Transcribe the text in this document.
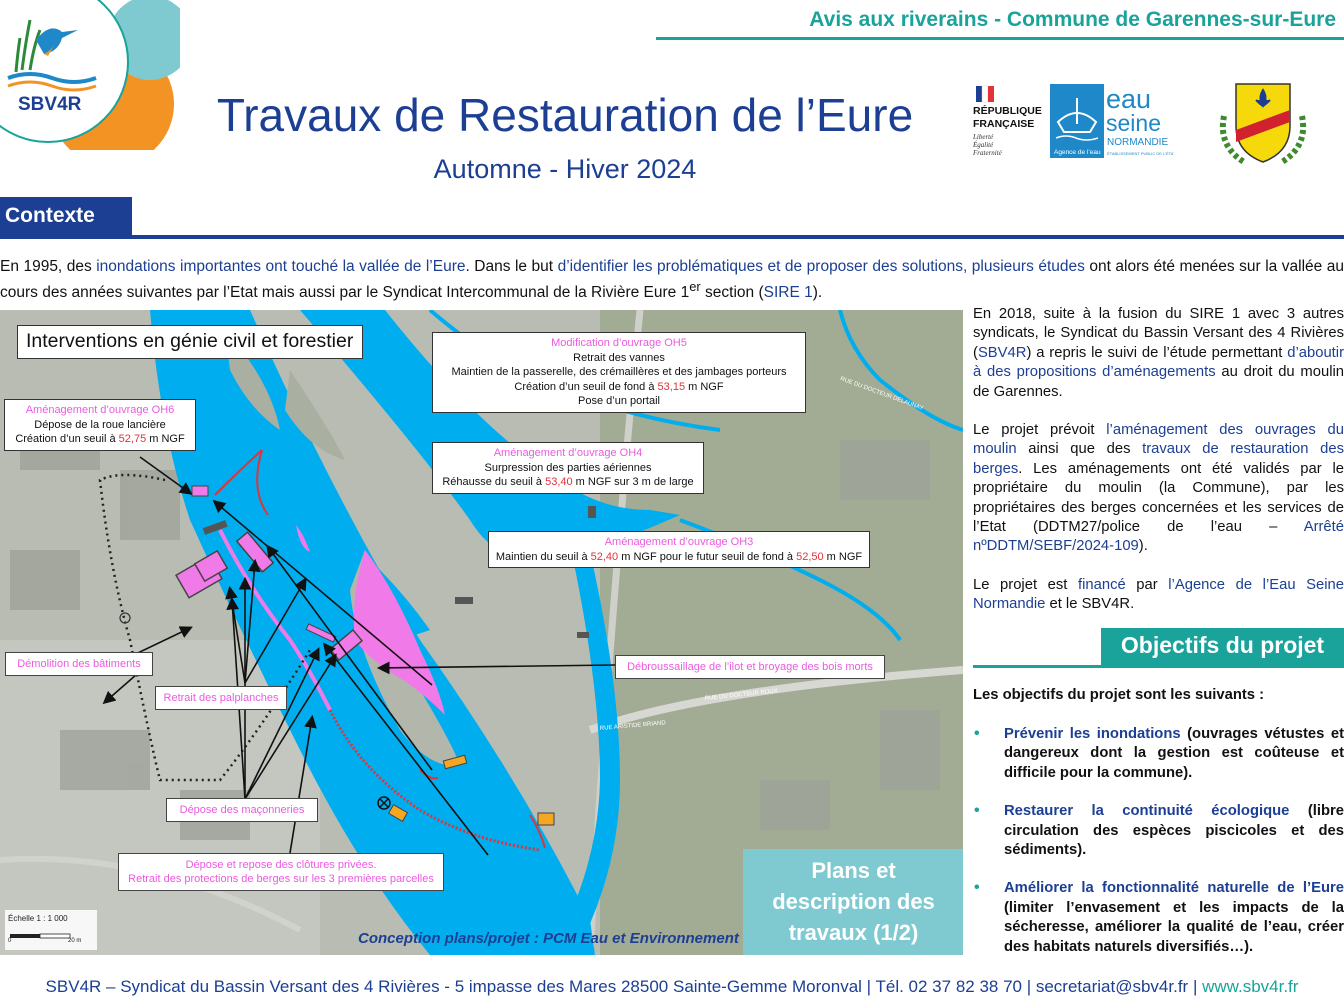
SBV4R
Avis aux riverains - Commune de Garennes-sur-Eure
Travaux de Restauration de l’Eure
Automne - Hiver 2024
RÉPUBLIQUE
FRANÇAISE
Liberté
Égalité
Fraternité	Agence de l’eau
eau
seine
NORMANDIE
ÉTABLISSEMENT PUBLIC DE L’ÉTAT
Contexte
En 1995, des inondations importantes ont touché la vallée de l’Eure. Dans le but d’identifier les problématiques et de proposer des solutions, plusieurs études ont alors été menées sur la vallée au cours des années suivantes par l’Etat mais aussi par le Syndicat Intercommunal de la Rivière Eure 1er section (SIRE 1).
RUE DU DOCTEUR ROUX
RUE ARISTIDE BRIAND
RUE DU DOCTEUR DELAUNAY
Interventions en génie civil et forestier	Modification d’ouvrage OH5
Retrait des vannes
Maintien de la passerelle, des crémaillères et des jambages porteurs
Création d’un seuil de fond à 53,15 m NGF
Pose d’un portail
Aménagement d’ouvrage OH6
Dépose de la roue lancière
Création d’un seuil à 52,75 m NGF
Aménagement d’ouvrage OH4
Surpression des parties aériennes
Réhausse du seuil à 53,40 m NGF sur 3 m de large
Aménagement d’ouvrage OH3
Maintien du seuil à 52,40 m NGF pour le futur seuil de fond à 52,50 m NGF
Démolition des bâtiments
Retrait des palplanches
Débroussaillage de l’ilot et broyage des bois morts
Dépose des maçonneries
Dépose et repose des clôtures privées.
Retrait des protections de berges sur les 3 premières parcelles
Échelle 1 : 1 000
0	20 m	Conception plans/projet : PCM Eau et Environnement
Plans et
description des
travaux (1/2)

En 2018, suite à la fusion du SIRE 1 avec 3 autres syndicats, le Syndicat du Bassin Versant des 4 Rivières (SBV4R) a repris le suivi de l’étude permettant d’aboutir à des propositions d’aménagements au droit du moulin de Garennes.

Le projet prévoit l’aménagement des ouvrages du moulin ainsi que des travaux de restauration des berges. Les aménagements ont été validés par le propriétaire du moulin (la Commune), par les propriétaires des berges concernées et les services de l’Etat (DDTM27/police de l’eau – Arrêté nºDDTM/SEBF/2024-109).

Le projet est financé par l’Agence de l’Eau Seine Normandie et le SBV4R.

Objectifs du projet
Les objectifs du projet sont les suivants :
• Prévenir les inondations (ouvrages vétustes et dangereux dont la gestion est coûteuse et difficile pour la commune).
• Restaurer la continuité écologique (libre circulation des espèces piscicoles et des sédiments).
• Améliorer la fonctionnalité naturelle de l’Eure (limiter l’envasement et les impacts de la sécheresse, améliorer la qualité de l’eau, créer des habitats naturels diversifiés…).
SBV4R – Syndicat du Bassin Versant des 4 Rivières - 5 impasse des Mares 28500 Sainte-Gemme Moronval | Tél. 02 37 82 38 70 | secretariat@sbv4r.fr | www.sbv4r.fr
